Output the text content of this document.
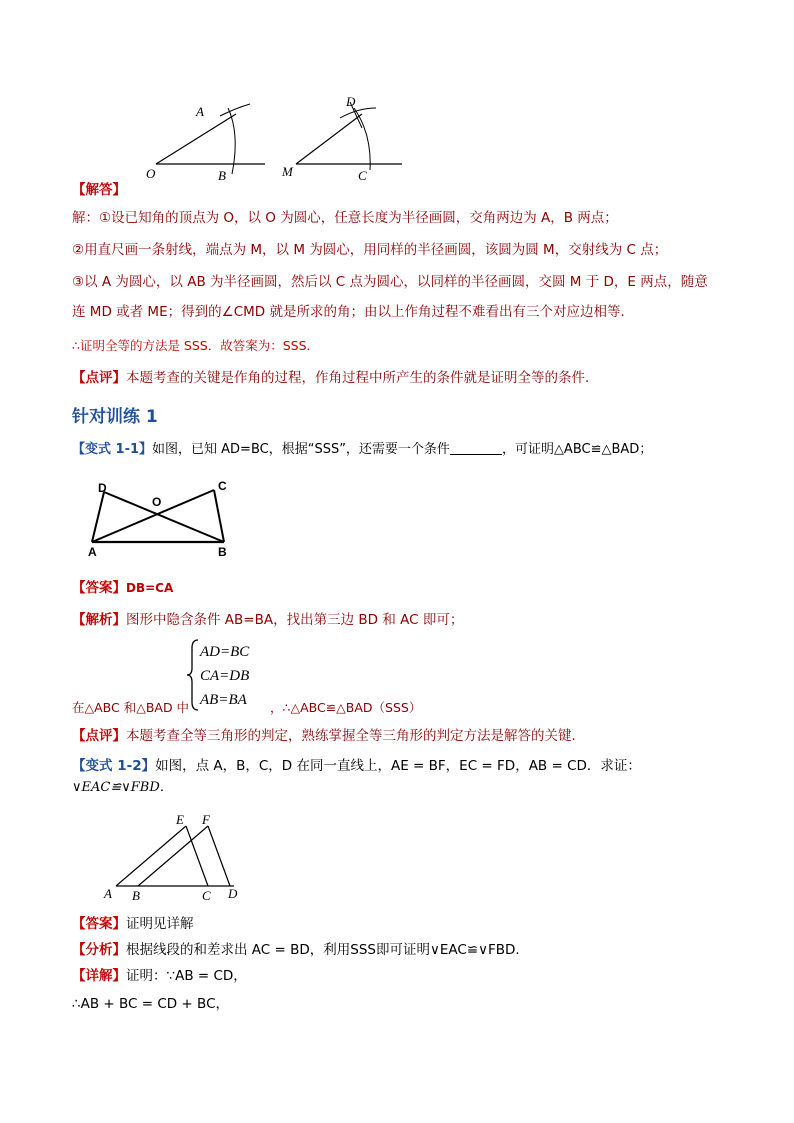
A
O	B
D
M	C
【解答】
解：①设已知角的顶点为 O，以 O 为圆心，任意长度为半径画圆，交角两边为 A，B 两点；
②用直尺画一条射线，端点为 M，以 M 为圆心，用同样的半径画圆，该圆为圆 M，交射线为 C 点；
③以 A 为圆心，以 AB 为半径画圆，然后以 C 点为圆心，以同样的半径画圆，交圆 M 于 D，E 两点，随意
连 MD 或者 ME；得到的∠CMD 就是所求的角；由以上作角过程不难看出有三个对应边相等．
∴证明全等的方法是 SSS．故答案为：SSS．
【点评】本题考查的关键是作角的过程，作角过程中所产生的条件就是证明全等的条件．
针对训练 1
【变式 1-1】如图，已知 AD=BC，根据“SSS”，还需要一个条件	，可证明△ABC≌△BAD；
D
O
C
A	B
【答案】DB=CA
【解析】图形中隐含条件 AB=BA，找出第三边 BD 和 AC 即可；
AD=BC
CA=DB
AB=BA
在△ABC 和△BAD 中	，∴△ABC≌△BAD（SSS）
【点评】本题考查全等三角形的判定，熟练掌握全等三角形的判定方法是解答的关键．
【变式 1-2】如图，点 A，B，C，D 在同一直线上，AE = BF，EC = FD，AB = CD．求证：
∨EAC≌∨FBD．
E F
A B	C D
【答案】证明见详解
【分析】根据线段的和差求出 AC = BD，利用SSS即可证明∨EAC≌∨FBD．
【详解】证明：∵AB = CD，
∴AB + BC = CD + BC，
